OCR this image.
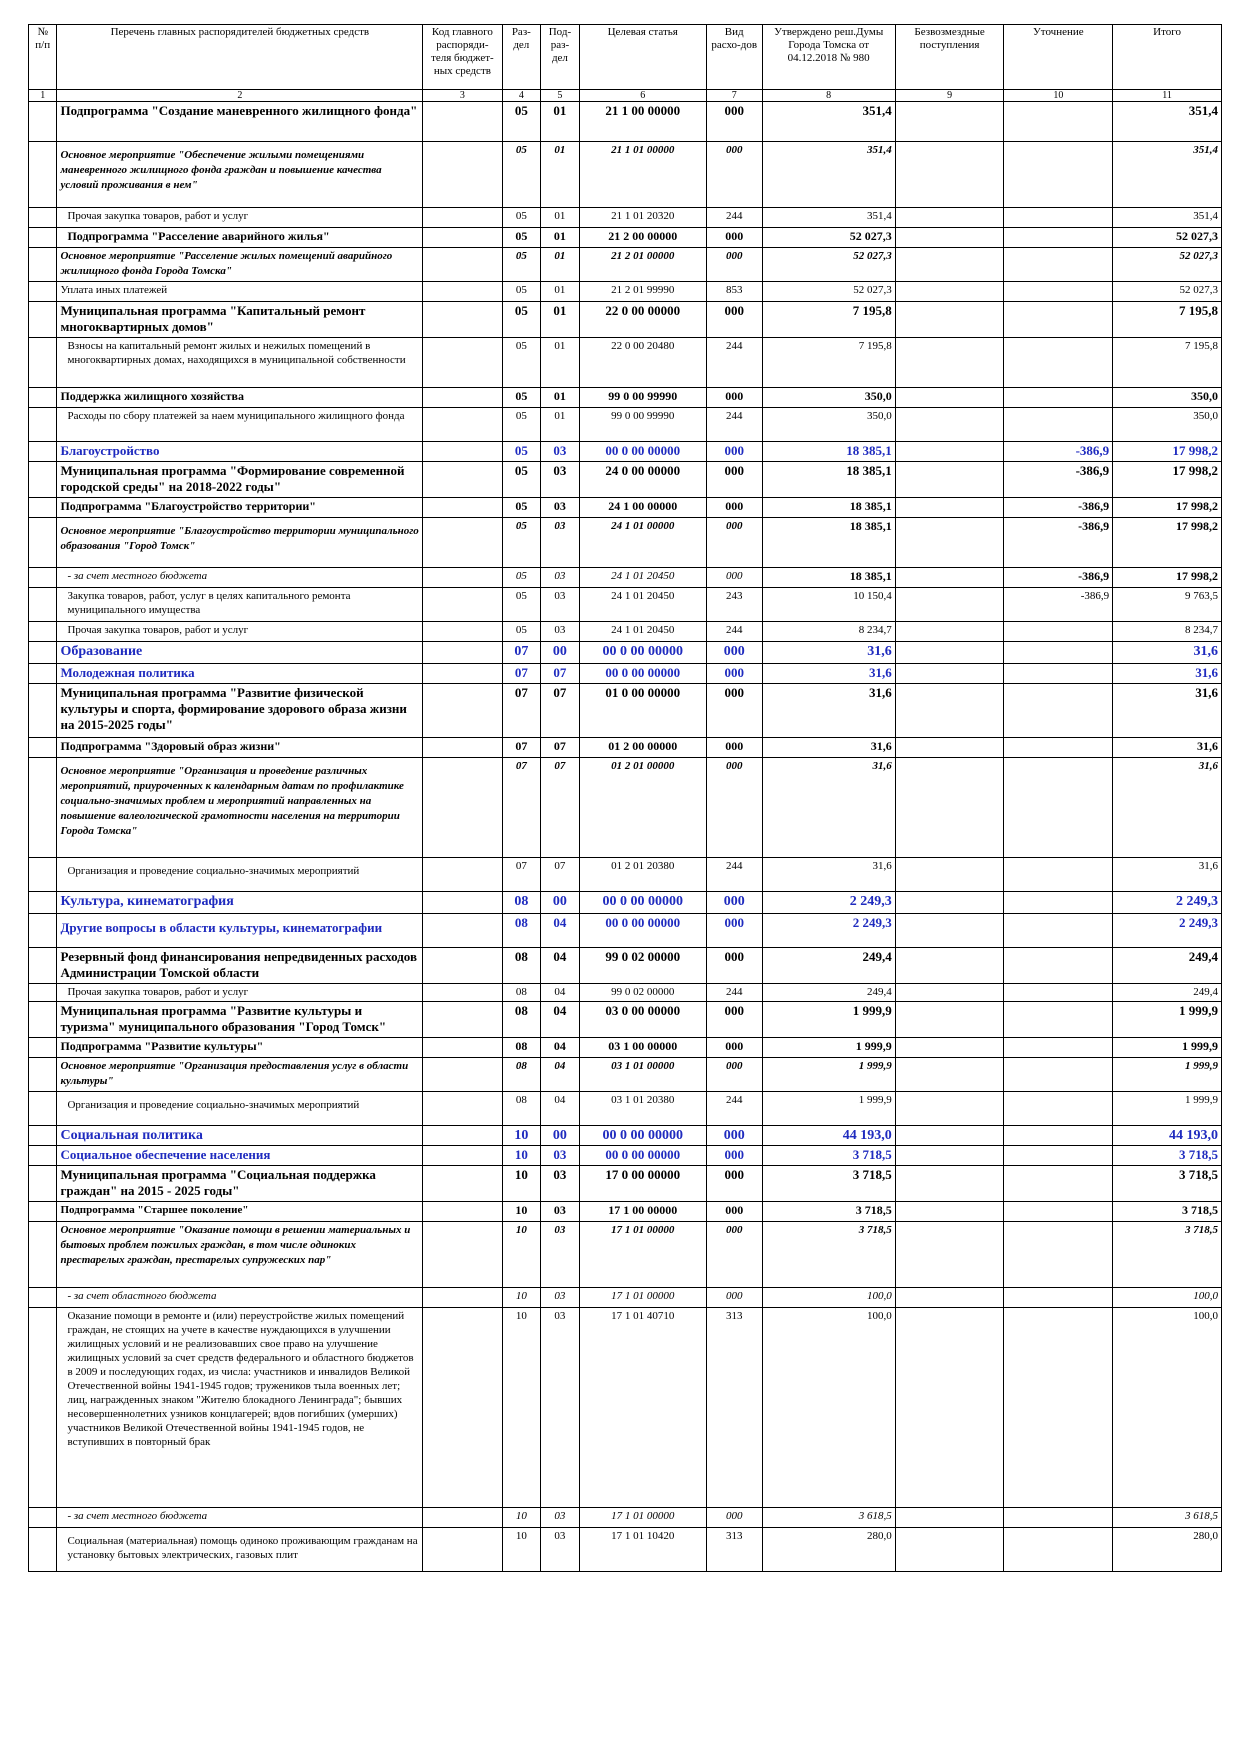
№ п/п	Перечень главных распорядителей бюджетных средств	Код главного распоряди-теля бюджет-ных средств	Раз-дел	Под-раз-дел	Целевая статья	Вид расхо-дов	Утверждено реш.Думы Города Томска от 04.12.2018 № 980	Безвозмездные поступления	Уточнение	Итого
1	2	3	4	5	6	7	8	9	10	11
	Подпрограмма "Создание маневренного жилищного фонда"		05	01	21 1 00 00000	000	351,4			351,4
	Основное мероприятие "Обеспечение жилыми помещениями маневренного жилищного фонда граждан и повышение качества условий проживания в нем"		05	01	21 1 01 00000	000	351,4			351,4
	Прочая закупка товаров, работ и услуг		05	01	21 1 01 20320	244	351,4			351,4
	Подпрограмма "Расселение аварийного жилья"		05	01	21 2 00 00000	000	52 027,3			52 027,3
	Основное мероприятие "Расселение жилых помещений аварийного жилищного фонда Города Томска"		05	01	21 2 01 00000	000	52 027,3			52 027,3
	Уплата иных платежей		05	01	21 2 01 99990	853	52 027,3			52 027,3
	Муниципальная программа "Капитальный ремонт многоквартирных домов"		05	01	22 0 00 00000	000	7 195,8			7 195,8
	Взносы на капитальный ремонт жилых и нежилых помещений в многоквартирных домах, находящихся в муниципальной собственности		05	01	22 0 00 20480	244	7 195,8			7 195,8
	Поддержка жилищного хозяйства		05	01	99 0 00 99990	000	350,0			350,0
	Расходы по сбору платежей за наем муниципального жилищного фонда		05	01	99 0 00 99990	244	350,0			350,0
	Благоустройство		05	03	00 0 00 00000	000	18 385,1		-386,9	17 998,2
	Муниципальная программа "Формирование современной городской среды" на 2018-2022 годы"		05	03	24 0 00 00000	000	18 385,1		-386,9	17 998,2
	Подпрограмма "Благоустройство территории"		05	03	24 1 00 00000	000	18 385,1		-386,9	17 998,2
	Основное мероприятие "Благоустройство территории муниципального образования "Город Томск"		05	03	24 1 01 00000	000	18 385,1		-386,9	17 998,2
	- за счет местного бюджета		05	03	24 1 01 20450	000	18 385,1		-386,9	17 998,2
	Закупка товаров, работ, услуг в целях капитального ремонта муниципального имущества		05	03	24 1 01 20450	243	10 150,4		-386,9	9 763,5
	Прочая закупка товаров, работ и услуг		05	03	24 1 01 20450	244	8 234,7			8 234,7
	Образование		07	00	00 0 00 00000	000	31,6			31,6
	Молодежная политика		07	07	00 0 00 00000	000	31,6			31,6
	Муниципальная программа "Развитие физической культуры и спорта, формирование здорового образа жизни на 2015-2025 годы"		07	07	01 0 00 00000	000	31,6			31,6
	Подпрограмма "Здоровый образ жизни"		07	07	01 2 00 00000	000	31,6			31,6
	Основное мероприятие "Организация и проведение различных мероприятий, приуроченных к календарным датам по профилактике социально-значимых проблем и мероприятий направленных на повышение валеологической грамотности населения на территории Города Томска"		07	07	01 2 01 00000	000	31,6			31,6
	Организация и проведение социально-значимых мероприятий		07	07	01 2 01 20380	244	31,6			31,6
	Культура, кинематография		08	00	00 0 00 00000	000	2 249,3			2 249,3
	Другие вопросы в области культуры, кинематографии		08	04	00 0 00 00000	000	2 249,3			2 249,3
	Резервный фонд финансирования непредвиденных расходов Администрации Томской области		08	04	99 0 02 00000	000	249,4			249,4
	Прочая закупка товаров, работ и услуг		08	04	99 0 02 00000	244	249,4			249,4
	Муниципальная программа "Развитие культуры и туризма" муниципального образования "Город Томск"		08	04	03 0 00 00000	000	1 999,9			1 999,9
	Подпрограмма "Развитие культуры"		08	04	03 1 00 00000	000	1 999,9			1 999,9
	Основное мероприятие "Организация предоставления услуг в области культуры"		08	04	03 1 01 00000	000	1 999,9			1 999,9
	Организация и проведение социально-значимых мероприятий		08	04	03 1 01 20380	244	1 999,9			1 999,9
	Социальная политика		10	00	00 0 00 00000	000	44 193,0			44 193,0
	Социальное обеспечение населения		10	03	00 0 00 00000	000	3 718,5			3 718,5
	Муниципальная программа "Социальная поддержка граждан" на 2015 - 2025 годы"		10	03	17 0 00 00000	000	3 718,5			3 718,5
	Подпрограмма "Старшее поколение"		10	03	17 1 00 00000	000	3 718,5			3 718,5
	Основное мероприятие "Оказание помощи в решении материальных и бытовых проблем пожилых граждан, в том числе одиноких престарелых граждан, престарелых супружеских пар"		10	03	17 1 01 00000	000	3 718,5			3 718,5
	- за счет областного бюджета		10	03	17 1 01 00000	000	100,0			100,0
	Оказание помощи в ремонте и (или) переустройстве жилых помещений граждан, не стоящих на учете в качестве нуждающихся в улучшении жилищных условий и не реализовавших свое право на улучшение жилищных условий за счет средств федерального и областного бюджетов в 2009 и последующих годах, из числа: участников и инвалидов Великой Отечественной войны 1941-1945 годов; тружеников тыла военных лет; лиц, награжденных знаком "Жителю блокадного Ленинграда"; бывших несовершеннолетних узников концлагерей; вдов погибших (умерших) участников Великой Отечественной войны 1941-1945 годов, не вступивших в повторный брак		10	03	17 1 01 40710	313	100,0			100,0
	- за счет местного бюджета		10	03	17 1 01 00000	000	3 618,5			3 618,5
	Социальная (материальная) помощь одиноко проживающим гражданам на установку бытовых электрических, газовых плит		10	03	17 1 01 10420	313	280,0			280,0
